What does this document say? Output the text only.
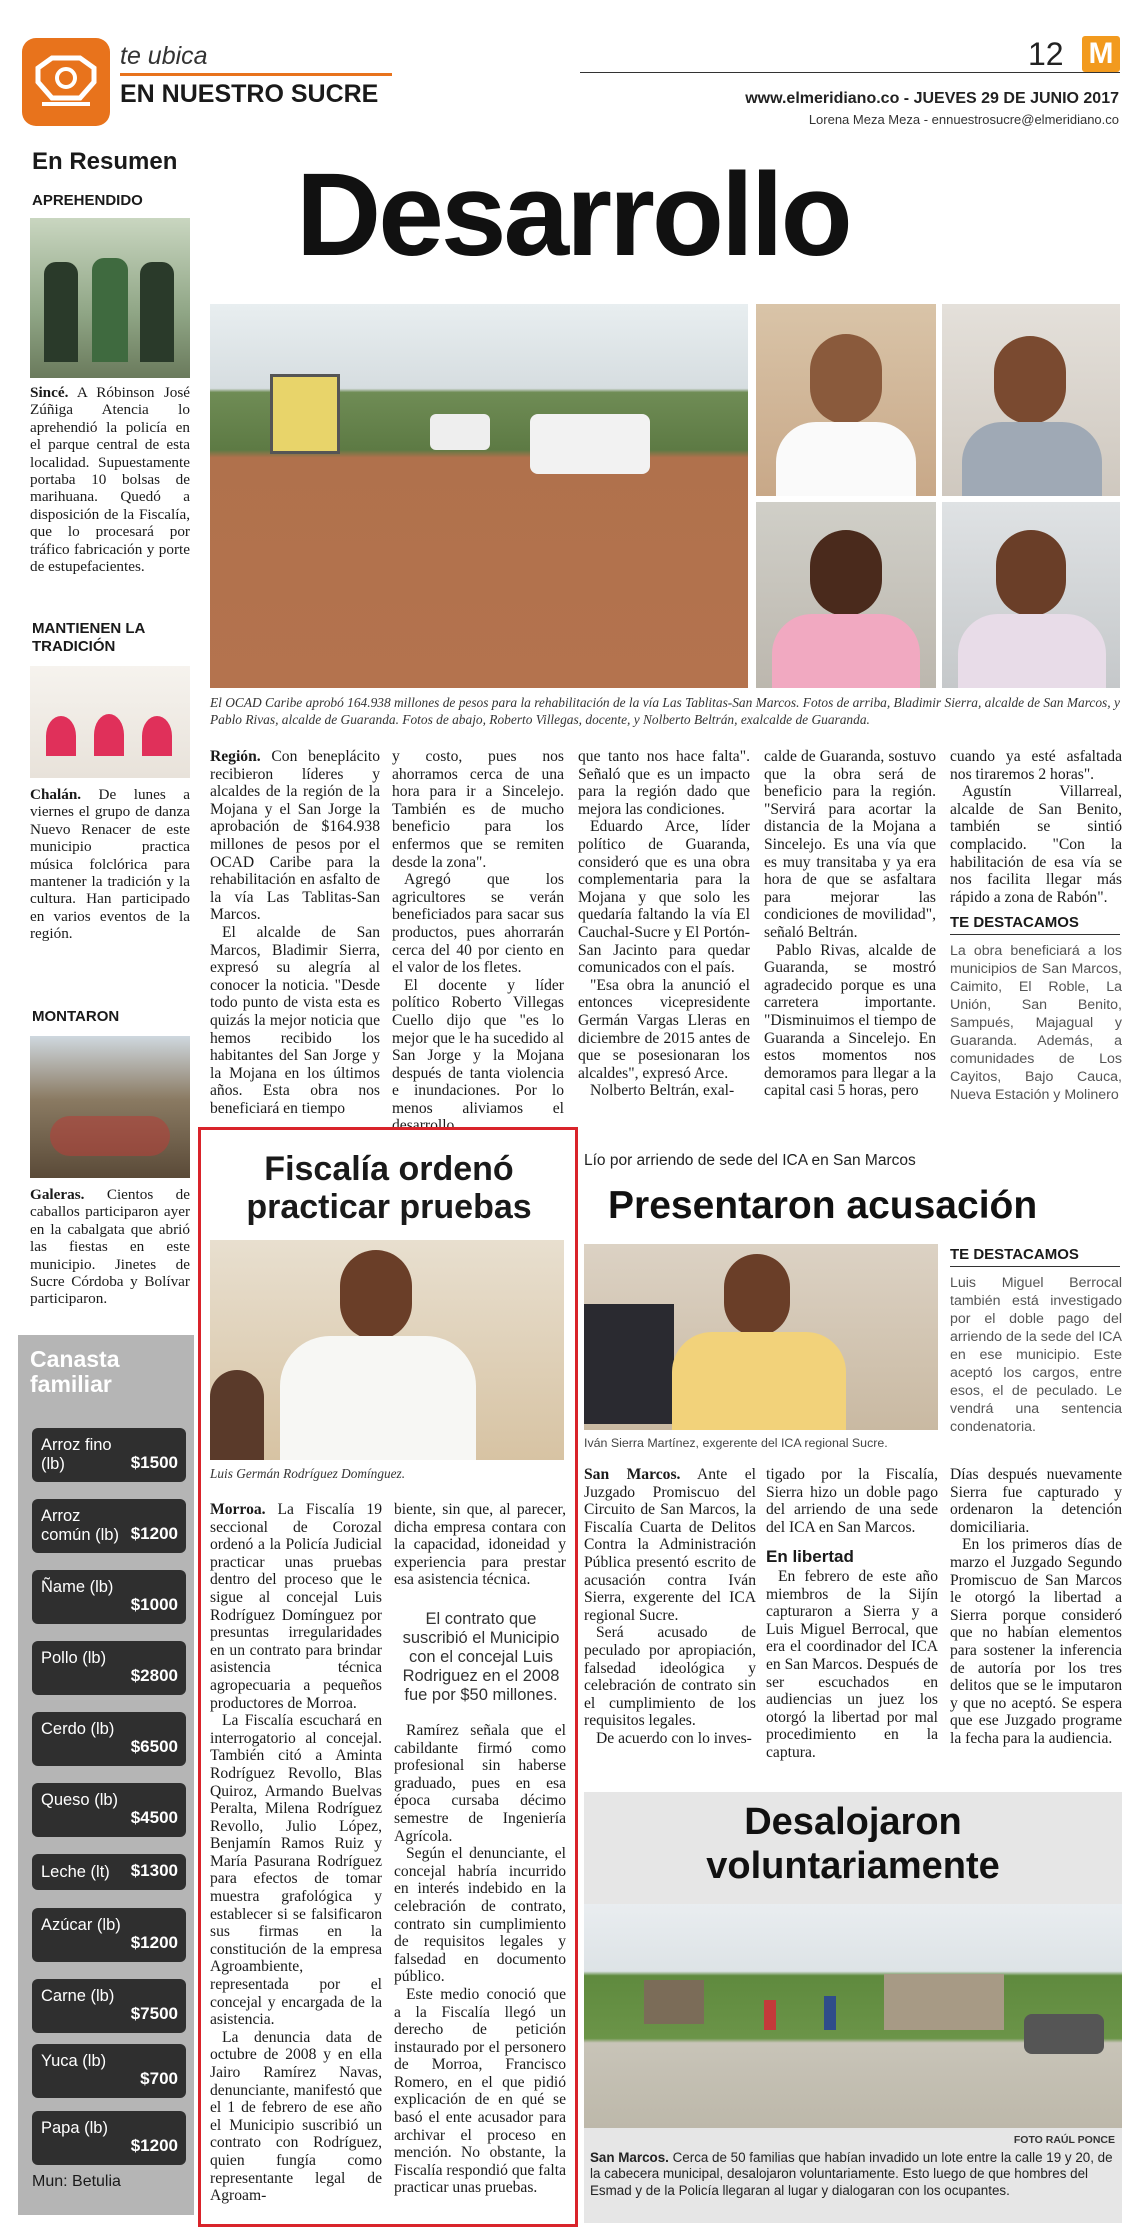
te ubica
EN NUESTRO SUCRE
12 M
www.elmeridiano.co - JUEVES 29 DE JUNIO 2017
Lorena Meza Meza - ennuestrosucre@elmeridiano.co
En Resumen
APREHENDIDO
Sincé. A Róbinson José Zúñiga Atencia lo aprehendió la policía en el parque central de esta localidad. Supuestamente portaba 10 bolsas de marihuana. Quedó a disposición de la Fiscalía, que lo procesará por tráfico fabricación y porte de estupefacientes.
MANTIENEN LA TRADICIÓN
Chalán. De lunes a viernes el grupo de danza Nuevo Renacer de este municipio practica música folclórica para mantener la tradición y la cultura. Han participado en varios eventos de la región.
MONTARON
Galeras. Cientos de caballos participaron ayer en la cabalgata que abrió las fiestas en este municipio. Jinetes de Sucre Córdoba y Bolívar participaron.
Canasta familiar
Arroz fino (lb)	$1500
Arroz común (lb) $1200
Ñame (lb)
$1000
Pollo (lb)
$2800
Cerdo (lb)
$6500
Queso (lb)
$4500
Leche (lt)	$1300
Azúcar (lb)
$1200
Carne (lb)
$7500
Yuca (lb)
$700
Papa (lb)
$1200
Mun: Betulia
Desarrollo
El OCAD Caribe aprobó 164.938 millones de pesos para la rehabilitación de la vía Las Tablitas-San Marcos. Fotos de arriba, Bladimir Sierra, alcalde de San Marcos, y Pablo Rivas, alcalde de Guaranda. Fotos de abajo, Roberto Villegas, docente, y Nolberto Beltrán, exalcalde de Guaranda.

Región. Con beneplácito recibieron líderes y alcaldes de la región de la Mojana y el San Jorge la aprobación de $164.938 millones de pesos por el OCAD Caribe para la rehabilitación en asfalto de la vía Las Tablitas-San Marcos.

El alcalde de San Marcos, Bladimir Sierra, expresó su alegría al conocer la noticia. "Desde todo punto de vista esta es quizás la mejor noticia que hemos recibido los habitantes del San Jorge y la Mojana en los últimos años. Esta obra nos beneficiará en tiempo

y costo, pues nos ahorramos cerca de una hora para ir a Sincelejo. También es de mucho beneficio para los enfermos que se remiten desde la zona".

Agregó que los agricultores se verán beneficiados para sacar sus productos, pues ahorrarán cerca del 40 por ciento en el valor de los fletes.

El docente y líder político Roberto Villegas Cuello dijo que "es lo mejor que le ha sucedido al San Jorge y la Mojana después de tanta violencia e inundaciones. Por lo menos aliviamos el desarrollo

que tanto nos hace falta". Señaló que es un impacto para la región dado que mejora las condiciones.

Eduardo Arce, líder político de Guaranda, consideró que es una obra complementaria para la Mojana y que solo les quedaría faltando la vía El Cauchal-Sucre y El Portón-San Jacinto para quedar comunicados con el país.

"Esa obra la anunció el entonces vicepresidente Germán Vargas Lleras en diciembre de 2015 antes de que se posesionaran los alcaldes", expresó Arce.

Nolberto Beltrán, exal-

calde de Guaranda, sostuvo que la obra será de beneficio para la región. "Servirá para acortar la distancia de la Mojana a Sincelejo. Es una vía que es muy transitaba y ya era hora de que se asfaltara para mejorar las condiciones de movilidad", señaló Beltrán.

Pablo Rivas, alcalde de Guaranda, se mostró agradecido porque es una carretera importante. "Disminuimos el tiempo de Guaranda a Sincelejo. En estos momentos nos demoramos para llegar a la capital casi 5 horas, pero

cuando ya esté asfaltada nos tiraremos 2 horas".

Agustín Villarreal, alcalde de San Benito, también se sintió complacido. "Con la habilitación de esa vía se nos facilita llegar más rápido a zona de Rabón".

TE DESTACAMOS
La obra beneficiará a los municipios de San Marcos, Caimito, El Roble, La Unión, San Benito, Sampués, Majagual y Guaranda. Además, a comunidades de Los Cayitos, Bajo Cauca, Nueva Estación y Molinero
Fiscalía ordenó practicar pruebas
Luis Germán Rodríguez Domínguez.

Morroa. La Fiscalía 19 seccional de Corozal ordenó a la Policía Judicial practicar unas pruebas dentro del proceso que le sigue al concejal Luis Rodríguez Domínguez por presuntas irregularidades en un contrato para brindar asistencia técnica agropecuaria a pequeños productores de Morroa.

La Fiscalía escuchará en interrogatorio al concejal. También citó a Aminta Rodríguez Revollo, Blas Quiroz, Armando Buelvas Peralta, Milena Rodríguez Revollo, Julio López, Benjamín Ramos Ruiz y María Pasurana Rodríguez para efectos de tomar muestra grafológica y establecer si se falsificaron sus firmas en la constitución de la empresa Agroambiente, representada por el concejal y encargada de la asistencia.

La denuncia data de octubre de 2008 y en ella Jairo Ramírez Navas, denunciante, manifestó que el 1 de febrero de ese año el Municipio suscribió un contrato con Rodríguez, quien fungía como representante legal de Agroam-

biente, sin que, al parecer, dicha empresa contara con la capacidad, idoneidad y experiencia para prestar esa asistencia técnica.

El contrato que suscribió el Municipio con el concejal Luis Rodriguez en el 2008 fue por $50 millones.

Ramírez señala que el cabildante firmó como profesional sin haberse graduado, pues en esa época cursaba décimo semestre de Ingeniería Agrícola.

Según el denunciante, el concejal habría incurrido en interés indebido en la celebración de contrato, contrato sin cumplimiento de requisitos legales y falsedad en documento público.

Este medio conoció que a la Fiscalía llegó un derecho de petición instaurado por el personero de Morroa, Francisco Romero, en el que pidió explicación de en qué se basó el ente acusador para archivar el proceso en mención. No obstante, la Fiscalía respondió que falta practicar unas pruebas.

Lío por arriendo de sede del ICA en San Marcos
Presentaron acusación
Iván Sierra Martínez, exgerente del ICA regional Sucre.
TE DESTACAMOS
Luis Miguel Berrocal también está investigado por el doble pago del arriendo de la sede del ICA en ese municipio. Este aceptó los cargos, entre esos, el de peculado. Le vendrá una sentencia condenatoria.

San Marcos. Ante el Juzgado Promiscuo del Circuito de San Marcos, la Fiscalía Cuarta de Delitos Contra la Administración Pública presentó escrito de acusación contra Iván Sierra, exgerente del ICA regional Sucre.

Será acusado de peculado por apropiación, falsedad ideológica y celebración de contrato sin el cumplimiento de los requisitos legales.

De acuerdo con lo inves-

tigado por la Fiscalía, Sierra hizo un doble pago del arriendo de una sede del ICA en San Marcos.

En libertad

En febrero de este año miembros de la Sijín capturaron a Sierra y a Luis Miguel Berrocal, que era el coordinador del ICA en San Marcos. Después de ser escuchados en audiencias un juez los otorgó la libertad por mal procedimiento en la captura.

Días después nuevamente Sierra fue capturado y ordenaron la detención domiciliaria.

En los primeros días de marzo el Juzgado Segundo Promiscuo de San Marcos le otorgó la libertad a Sierra porque consideró que no habían elementos para sostener la inferencia de autoría por los tres delitos que se le imputaron y que no aceptó. Se espera que ese Juzgado programe la fecha para la audiencia.

Desalojaron voluntariamente
FOTO RAÚL PONCE
San Marcos. Cerca de 50 familias que habían invadido un lote entre la calle 19 y 20, de la cabecera municipal, desalojaron voluntariamente. Esto luego de que hombres del Esmad y de la Policía llegaran al lugar y dialogaran con los ocupantes.
